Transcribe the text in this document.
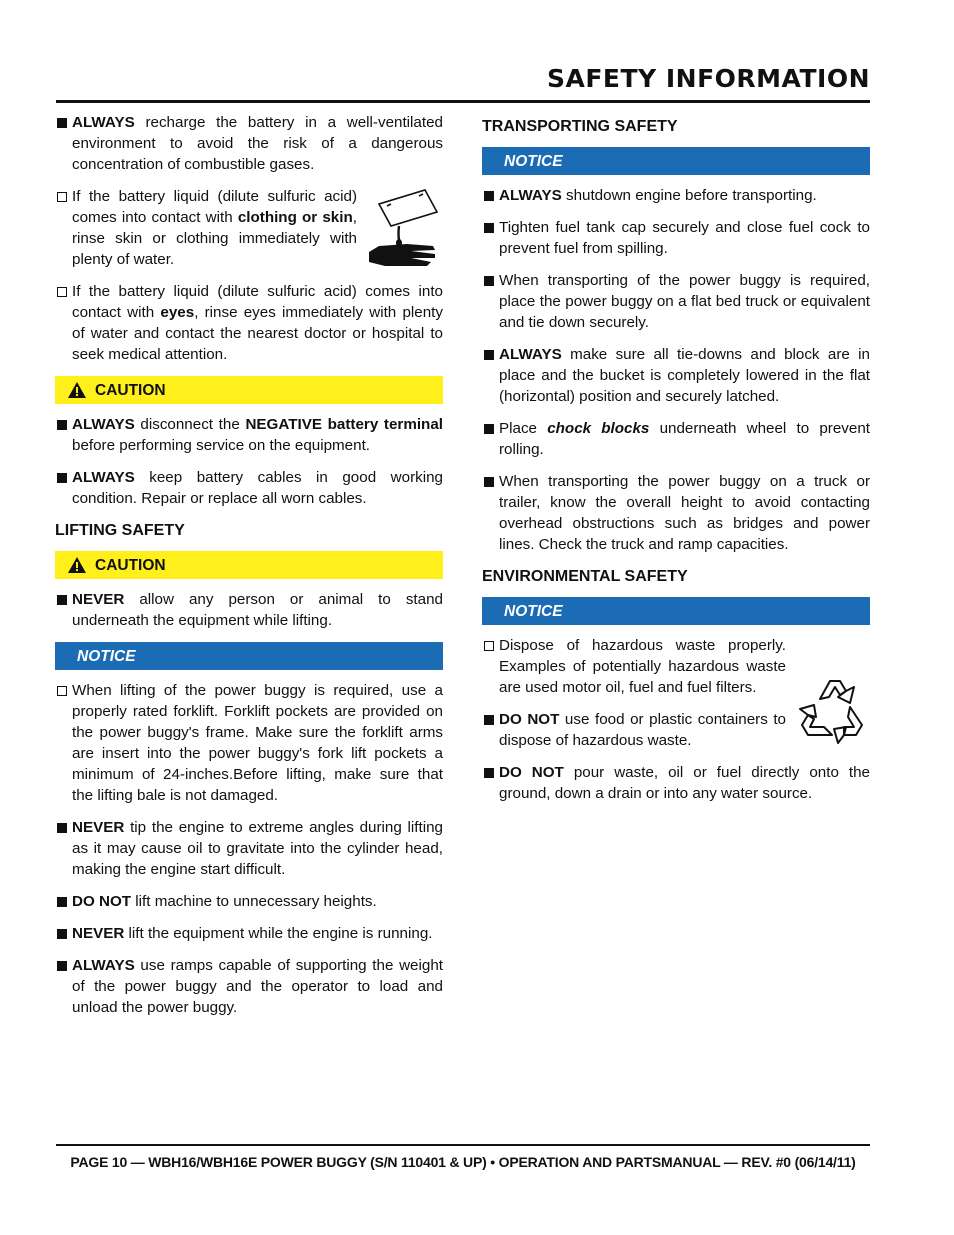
SAFETY INFORMATION
ALWAYS recharge the battery in a well-ventilated environment to avoid the risk of a dangerous concentration of combustible gases.
If the battery liquid (dilute sulfuric acid) comes into contact with clothing or skin, rinse skin or clothing immediately with plenty of water.
If the battery liquid (dilute sulfuric acid) comes into contact with eyes, rinse eyes immediately with plenty of water and contact the nearest doctor or hospital to seek medical attention.
CAUTION
ALWAYS disconnect the NEGATIVE battery terminal before performing service on the equipment.
ALWAYS keep battery cables in good working condition. Repair or replace all worn cables.
LIFTING SAFETY
CAUTION
NEVER allow any person or animal to stand underneath the equipment while lifting.
NOTICE
When lifting of the power buggy is required, use a properly rated forklift. Forklift pockets are provided on the power buggy's frame. Make sure the forklift arms are insert into the power buggy's fork lift pockets a minimum of 24-inches.Before lifting, make sure that the lifting bale is not damaged.
NEVER tip the engine to extreme angles during lifting as it may cause oil to gravitate into the cylinder head, making the engine start difficult.
DO NOT lift machine to unnecessary heights.
NEVER lift the equipment while the engine is running.
ALWAYS use ramps capable of supporting the weight of the power buggy and the operator to load and unload the power buggy.
TRANSPORTING SAFETY
NOTICE
ALWAYS shutdown engine before transporting.
Tighten fuel tank cap securely and close fuel cock to prevent fuel from spilling.
When transporting of the power buggy is required, place the power buggy on a flat bed truck or equivalent and tie down securely.
ALWAYS make sure all tie-downs and block are in place and the bucket is completely lowered in the flat (horizontal) position and securely latched.
Place chock blocks underneath wheel to prevent rolling.
When transporting the power buggy on a truck or trailer, know the overall height to avoid contacting overhead obstructions such as bridges and power lines. Check the truck and ramp capacities.
ENVIRONMENTAL SAFETY
NOTICE
Dispose of hazardous waste properly. Examples of potentially hazardous waste are used motor oil, fuel and fuel filters.
DO NOT use food or plastic containers to dispose of hazardous waste.
DO NOT pour waste, oil or fuel directly onto the ground, down a drain or into any water source.
PAGE 10 — WBH16/WBH16E POWER BUGGY (S/N 110401 & UP) • OPERATION AND PARTSMANUAL — REV. #0 (06/14/11)
